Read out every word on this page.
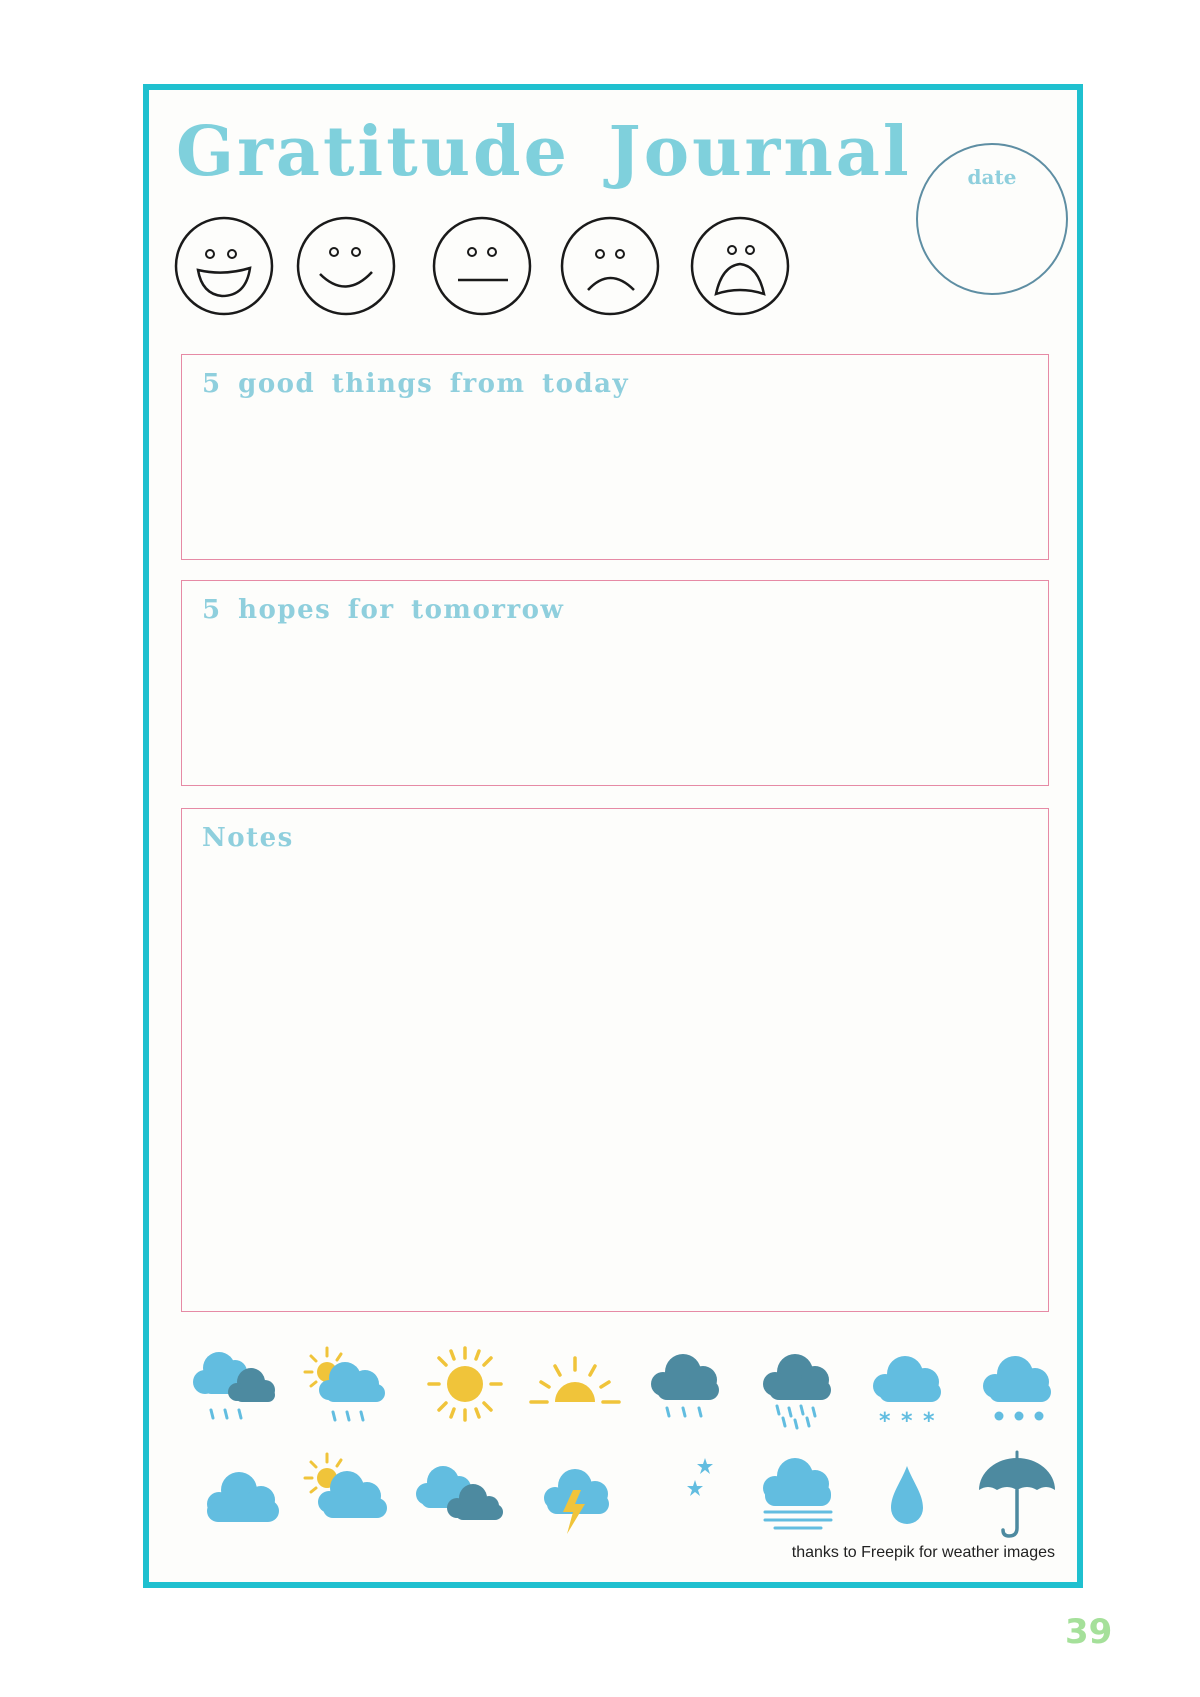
Gratitude Journal	date
5 good things from today
5 hopes for tomorrow
Notes
* * *
thanks to Freepik for weather images
39
